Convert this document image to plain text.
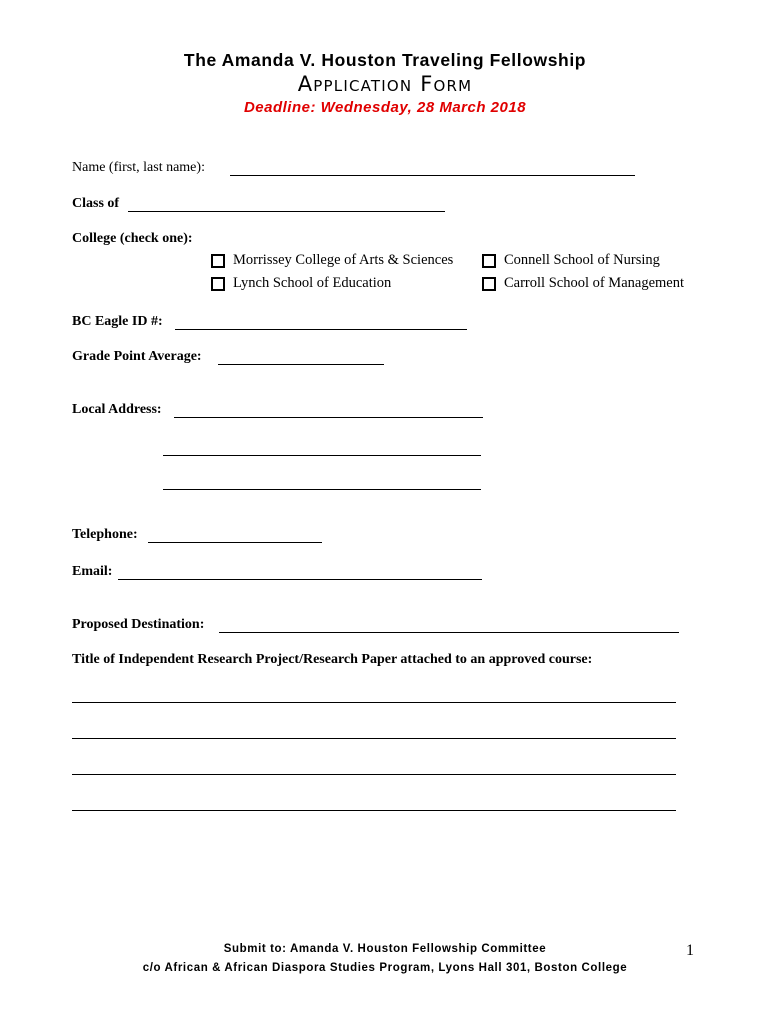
The Amanda V. Houston Traveling Fellowship
Application Form
Deadline: Wednesday, 28 March 2018
Name (first, last name):
Class of
College (check one):
Morrissey College of Arts & Sciences	Connell School of Nursing
Lynch School of Education	Carroll School of Management
BC Eagle ID #:
Grade Point Average:
Local Address:
Telephone:
Email:
Proposed Destination:
Title of Independent Research Project/Research Paper attached to an approved course:
Submit to: Amanda V. Houston Fellowship Committee
c/o African & African Diaspora Studies Program, Lyons Hall 301, Boston College
1
